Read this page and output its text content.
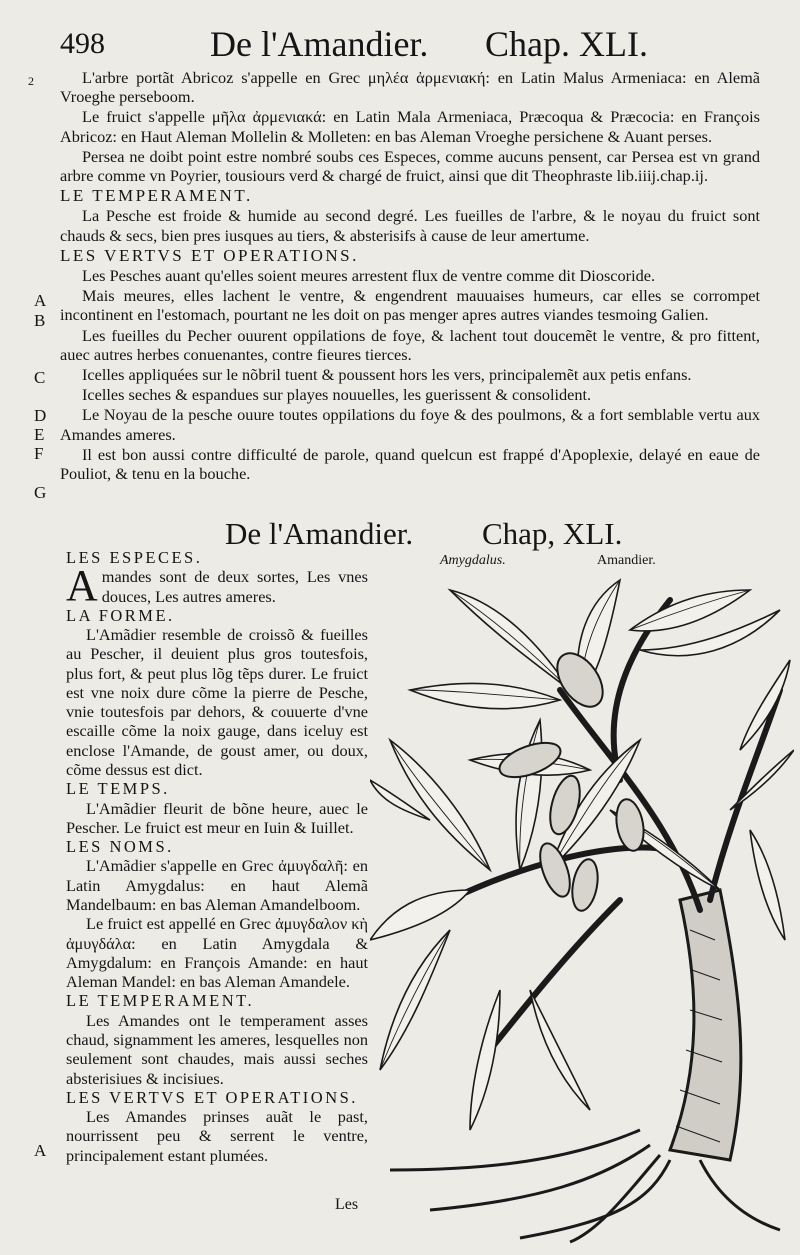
498	De l'Amandier. Chap. XLI.
2
A
B
C
D
E
F
G
A

L'arbre portãt Abricoz s'appelle en Grec μηλέα ἀρμενιακή: en Latin Malus Armeniaca: en Alemã Vroeghe perseboom.

Le fruict s'appelle μῆλα ἀρμενιακά: en Latin Mala Armeniaca, Præcoqua & Præcocia: en François Abricoz: en Haut Aleman Mollelin & Molleten: en bas Aleman Vroeghe persichene & Auant perses.

Persea ne doibt point estre nombré soubs ces Especes, comme aucuns pensent, car Persea est vn grand arbre comme vn Poyrier, tousiours verd & chargé de fruict, ainsi que dit Theophraste lib.iiij.chap.ij.

LE TEMPERAMENT.

La Pesche est froide & humide au second degré. Les fueilles de l'arbre, & le noyau du fruict sont chauds & secs, bien pres iusques au tiers, & absterisifs à cause de leur amertume.

LES VERTVS ET OPERATIONS.

Les Pesches auant qu'elles soient meures arrestent flux de ventre comme dit Dioscoride.

Mais meures, elles lachent le ventre, & engendrent mauuaises humeurs, car elles se corrompet incontinent en l'estomach, pourtant ne les doit on pas menger apres autres viandes tesmoing Galien.

Les fueilles du Pecher ouurent oppilations de foye, & lachent tout doucemẽt le ventre, & pro fittent, auec autres herbes conuenantes, contre fieures tierces.

Icelles appliquées sur le nõbril tuent & poussent hors les vers, principalemẽt aux petis enfans.

Icelles seches & espandues sur playes nouuelles, les guerissent & consolident.

Le Noyau de la pesche ouure toutes oppilations du foye & des poulmons, & a fort semblable vertu aux Amandes ameres.

Il est bon aussi contre difficulté de parole, quand quelcun est frappé d'Apoplexie, delayé en eaue de Pouliot, & tenu en la bouche.

De l'Amandier. Chap, XLI.
Amygdalus.	Amandier.

LES ESPECES.

Amandes sont de deux sortes, Les vnes douces, Les autres ameres.

LA FORME.

L'Amãdier resemble de croissõ & fueilles au Pescher, il deuient plus gros toutesfois, plus fort, & peut plus lõg tẽps durer. Le fruict est vne noix dure cõme la pierre de Pesche, vnie toutesfois par dehors, & couuerte d'vne escaille cõme la noix gauge, dans iceluy est enclose l'Amande, de goust amer, ou doux, cõme dessus est dict.

LE TEMPS.

L'Amãdier fleurit de bõne heure, auec le Pescher. Le fruict est meur en Iuin & Iuillet.

LES NOMS.

L'Amãdier s'appelle en Grec ἀμυγδαλῆ: en Latin Amygdalus: en haut Alemã Mandelbaum: en bas Aleman Amandelboom.

Le fruict est appellé en Grec ἀμυγδαλον κὴ ἀμυγδάλα: en Latin Amygdala & Amygdalum: en François Amande: en haut Aleman Mandel: en bas Aleman Amandele.

LE TEMPERAMENT.

Les Amandes ont le temperament asses chaud, signamment les ameres, lesquelles non seulement sont chaudes, mais aussi seches absterisiues & incisiues.

LES VERTVS ET OPERATIONS.

Les Amandes prinses auãt le past, nourrissent peu & serrent le ventre, principalement estant plumées.

Les
